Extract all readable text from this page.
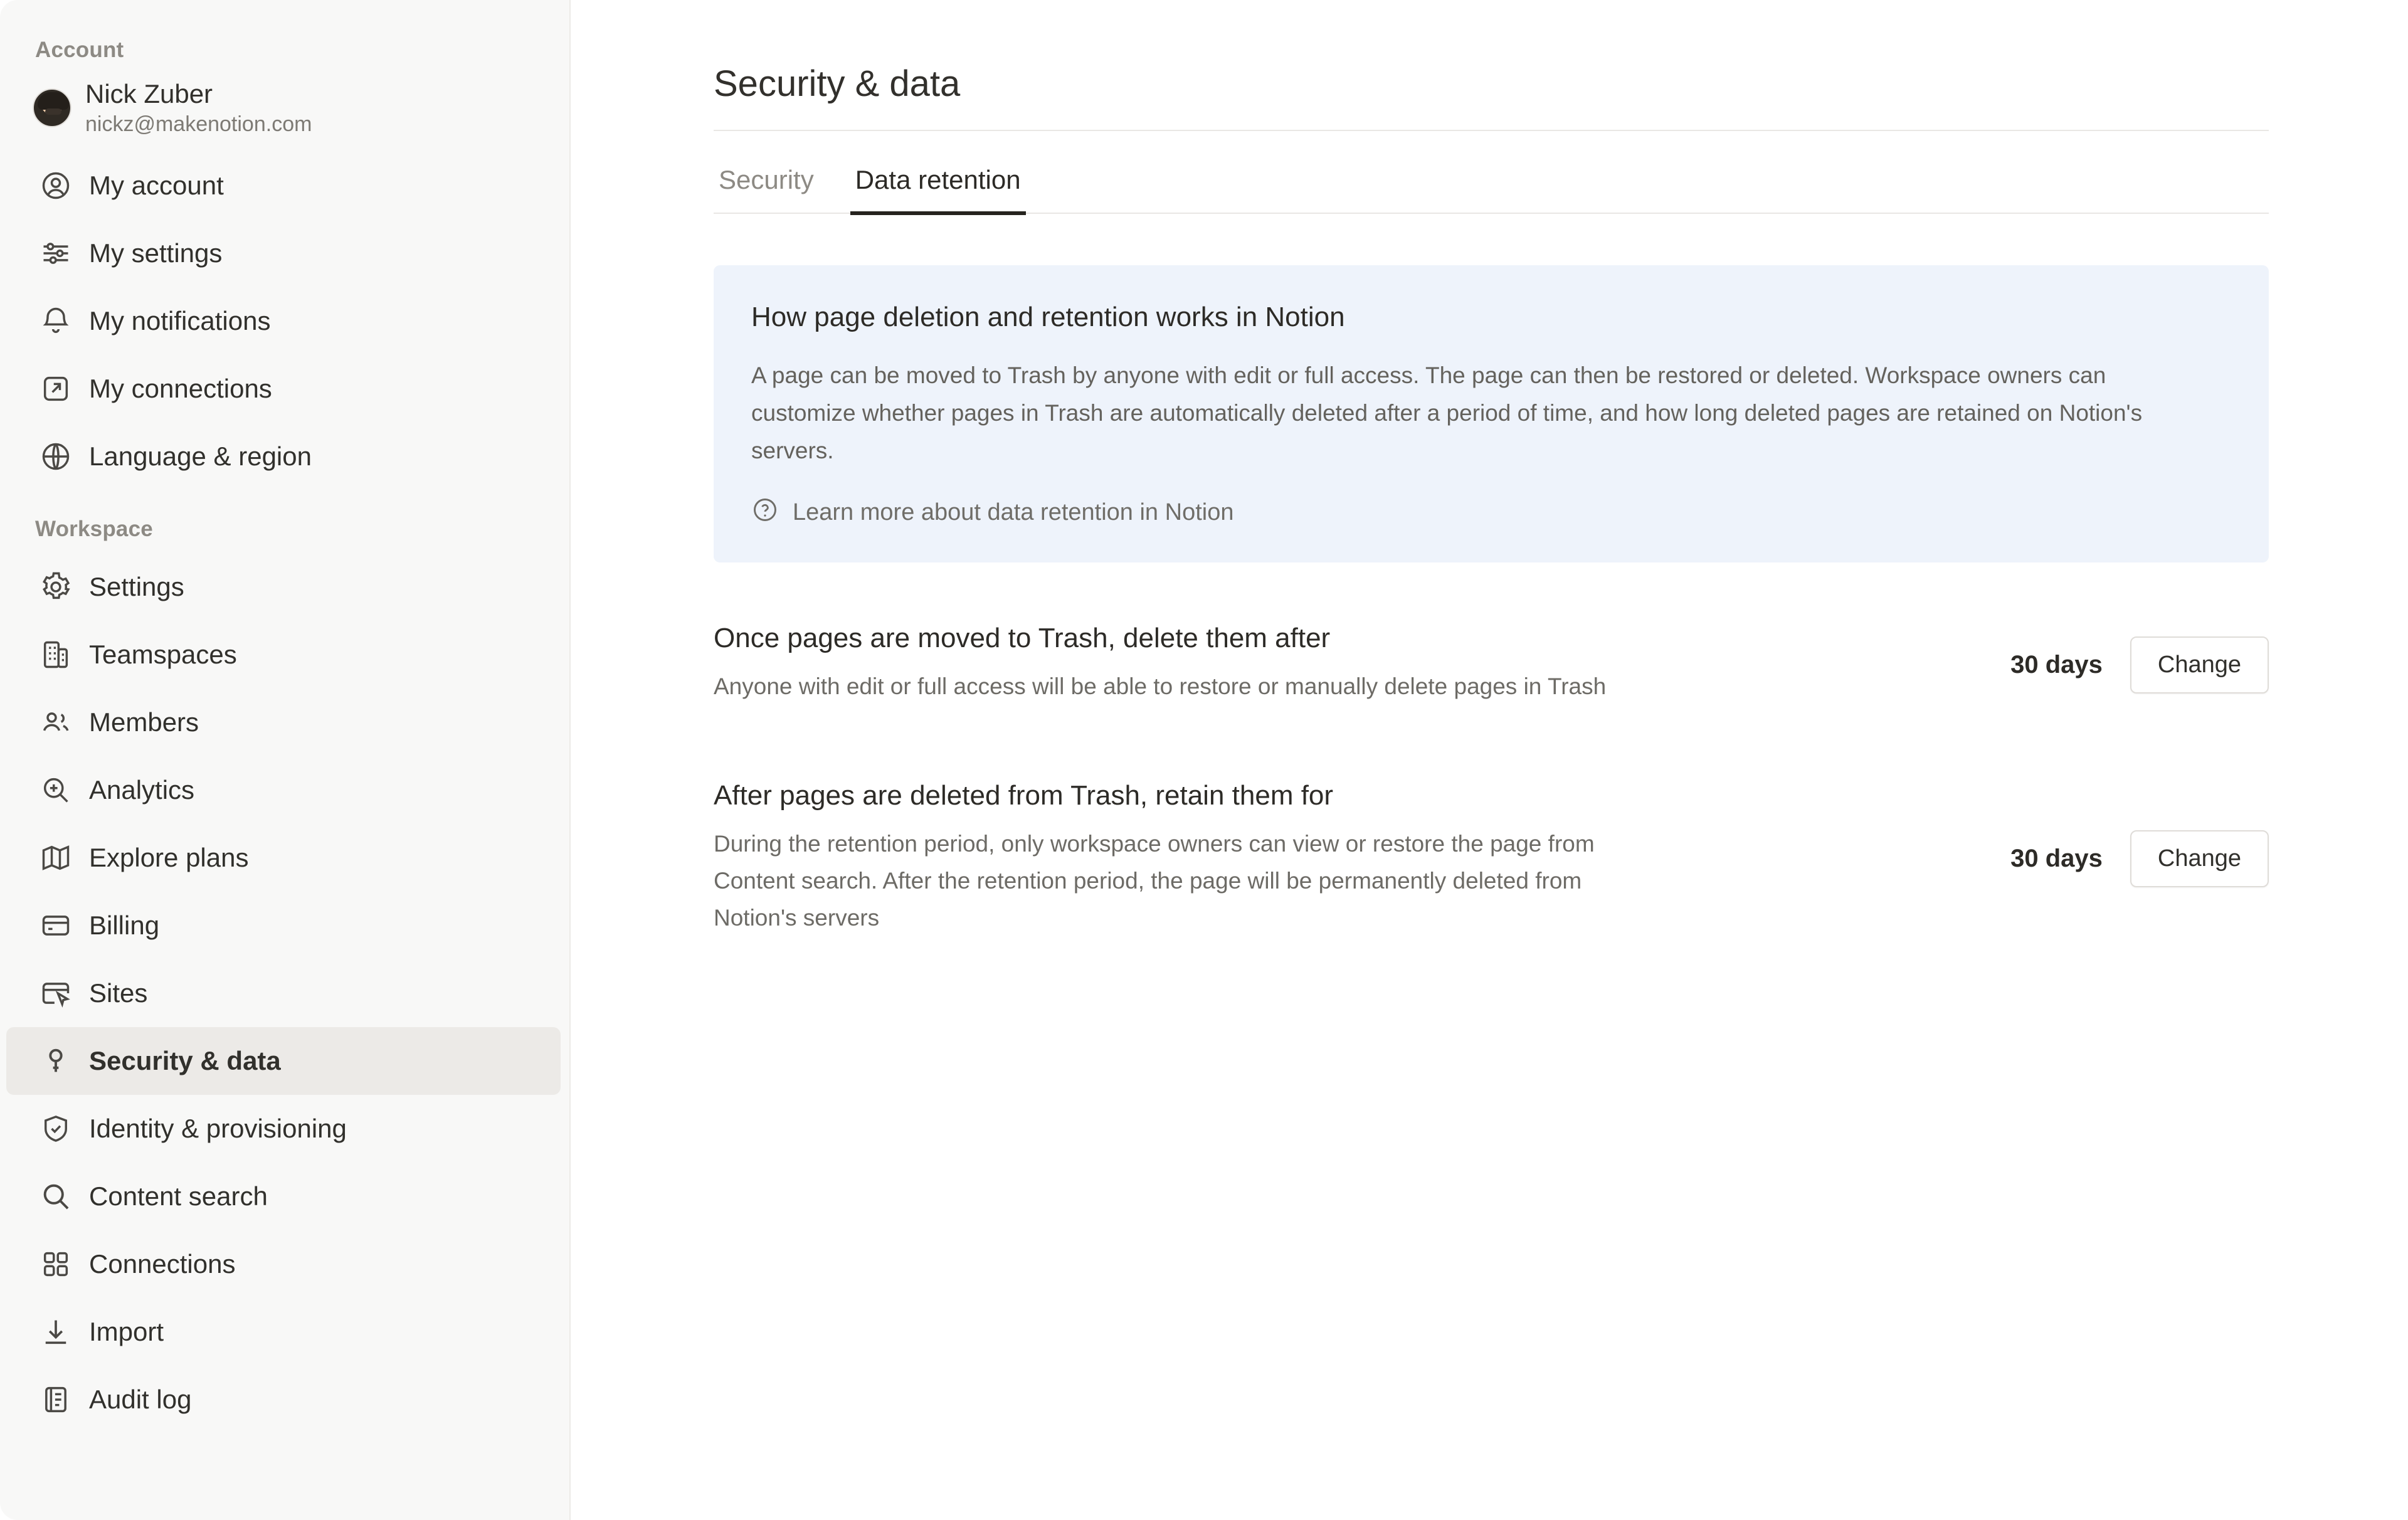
Account
Nick Zuber
nickz@makenotion.com
My account
My settings
My notifications
My connections
Language & region
Workspace
Settings
Teamspaces
Members
Analytics
Explore plans
Billing
Sites
Security & data
Identity & provisioning
Content search
Connections
Import
Audit log
Security & data
Security Data retention
How page deletion and retention works in Notion
A page can be moved to Trash by anyone with edit or full access. The page can then be restored or deleted. Workspace owners can customize whether pages in Trash are automatically deleted after a period of time, and how long deleted pages are retained on Notion's servers.
Learn more about data retention in Notion
Once pages are moved to Trash, delete them after
Anyone with edit or full access will be able to restore or manually delete pages in Trash
30 days	Change
After pages are deleted from Trash, retain them for
During the retention period, only workspace owners can view or restore the page from Content search. After the retention period, the page will be permanently deleted from Notion's servers
30 days	Change
